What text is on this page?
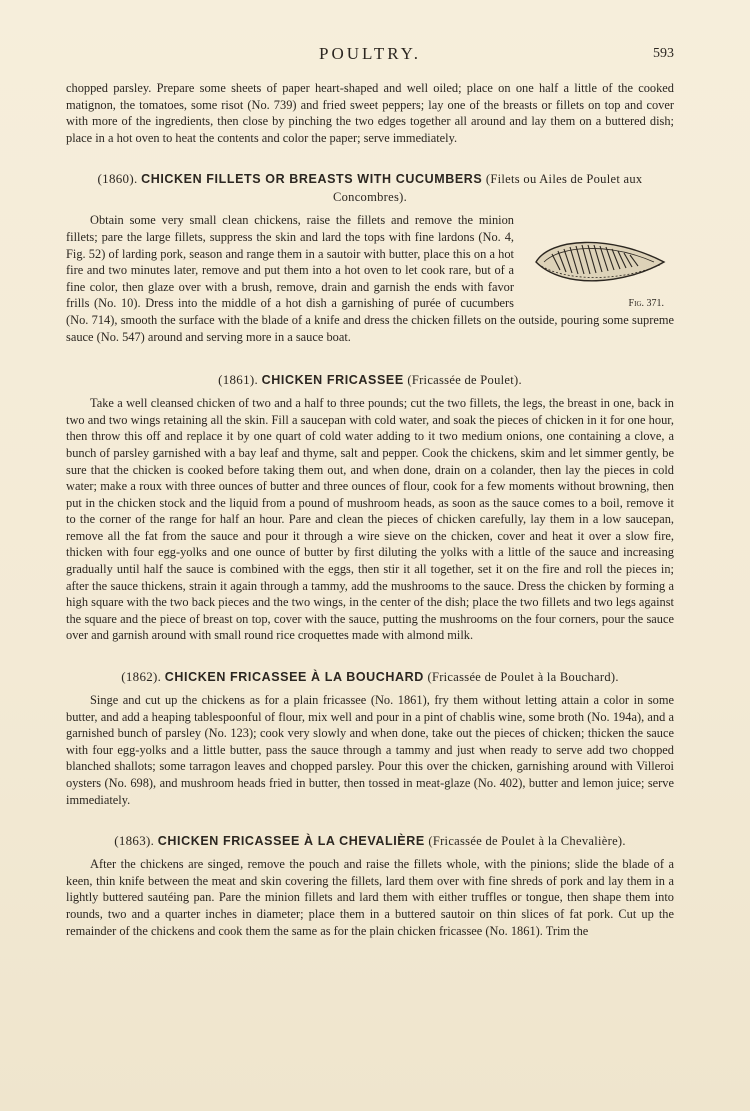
POULTRY.	593

chopped parsley. Prepare some sheets of paper heart-shaped and well oiled; place on one half a little of the cooked matignon, the tomatoes, some risot (No. 739) and fried sweet peppers; lay one of the breasts or fillets on top and cover with more of the ingredients, then close by pinching the two edges together all around and lay them on a buttered dish; place in a hot oven to heat the contents and color the paper; serve immediately.

(1860). CHICKEN FILLETS OR BREASTS WITH CUCUMBERS (Filets ou Ailes de Poulet aux Concombres).
Fig. 371.

Obtain some very small clean chickens, raise the fillets and remove the minion fillets; pare the large fillets, suppress the skin and lard the tops with fine lardons (No. 4, Fig. 52) of larding pork, season and range them in a sautoir with butter, place this on a hot fire and two minutes later, remove and put them into a hot oven to let cook rare, but of a fine color, then glaze over with a brush, remove, drain and garnish the ends with favor frills (No. 10). Dress into the middle of a hot dish a garnishing of purée of cucumbers (No. 714), smooth the surface with the blade of a knife and dress the chicken fillets on the outside, pouring some supreme sauce (No. 547) around and serving more in a sauce boat.

(1861). CHICKEN FRICASSEE (Fricassée de Poulet).

Take a well cleansed chicken of two and a half to three pounds; cut the two fillets, the legs, the breast in one, back in two and two wings retaining all the skin. Fill a saucepan with cold water, and soak the pieces of chicken in it for one hour, then throw this off and replace it by one quart of cold water adding to it two medium onions, one containing a clove, a bunch of parsley garnished with a bay leaf and thyme, salt and pepper. Cook the chickens, skim and let simmer gently, be sure that the chicken is cooked before taking them out, and when done, drain on a colander, then lay the pieces in cold water; make a roux with three ounces of butter and three ounces of flour, cook for a few moments without browning, then put in the chicken stock and the liquid from a pound of mushroom heads, as soon as the sauce comes to a boil, remove it to the corner of the range for half an hour. Pare and clean the pieces of chicken carefully, lay them in a low saucepan, remove all the fat from the sauce and pour it through a wire sieve on the chicken, cover and heat it over a slow fire, thicken with four egg-yolks and one ounce of butter by first diluting the yolks with a little of the sauce and increasing gradually until half the sauce is combined with the eggs, then stir it all together, set it on the fire and roll the pieces in; after the sauce thickens, strain it again through a tammy, add the mushrooms to the sauce. Dress the chicken by forming a high square with the two back pieces and the two wings, in the center of the dish; place the two fillets and two legs against the square and the piece of breast on top, cover with the sauce, putting the mushrooms on the four corners, pour the sauce over and garnish around with small round rice croquettes made with almond milk.

(1862). CHICKEN FRICASSEE À LA BOUCHARD (Fricassée de Poulet à la Bouchard).

Singe and cut up the chickens as for a plain fricassee (No. 1861), fry them without letting attain a color in some butter, and add a heaping tablespoonful of flour, mix well and pour in a pint of chablis wine, some broth (No. 194a), and a garnished bunch of parsley (No. 123); cook very slowly and when done, take out the pieces of chicken; thicken the sauce with four egg-yolks and a little butter, pass the sauce through a tammy and just when ready to serve add two chopped blanched shallots; some tarragon leaves and chopped parsley. Pour this over the chicken, garnishing around with Villeroi oysters (No. 698), and mushroom heads fried in butter, then tossed in meat-glaze (No. 402), butter and lemon juice; serve immediately.

(1863). CHICKEN FRICASSEE À LA CHEVALIÈRE (Fricassée de Poulet à la Chevalière).

After the chickens are singed, remove the pouch and raise the fillets whole, with the pinions; slide the blade of a keen, thin knife between the meat and skin covering the fillets, lard them over with fine shreds of pork and lay them in a lightly buttered sautéing pan. Pare the minion fillets and lard them with either truffles or tongue, then shape them into rounds, two and a quarter inches in diameter; place them in a buttered sautoir on thin slices of fat pork. Cut up the remainder of the chickens and cook them the same as for the plain chicken fricassee (No. 1861). Trim the
